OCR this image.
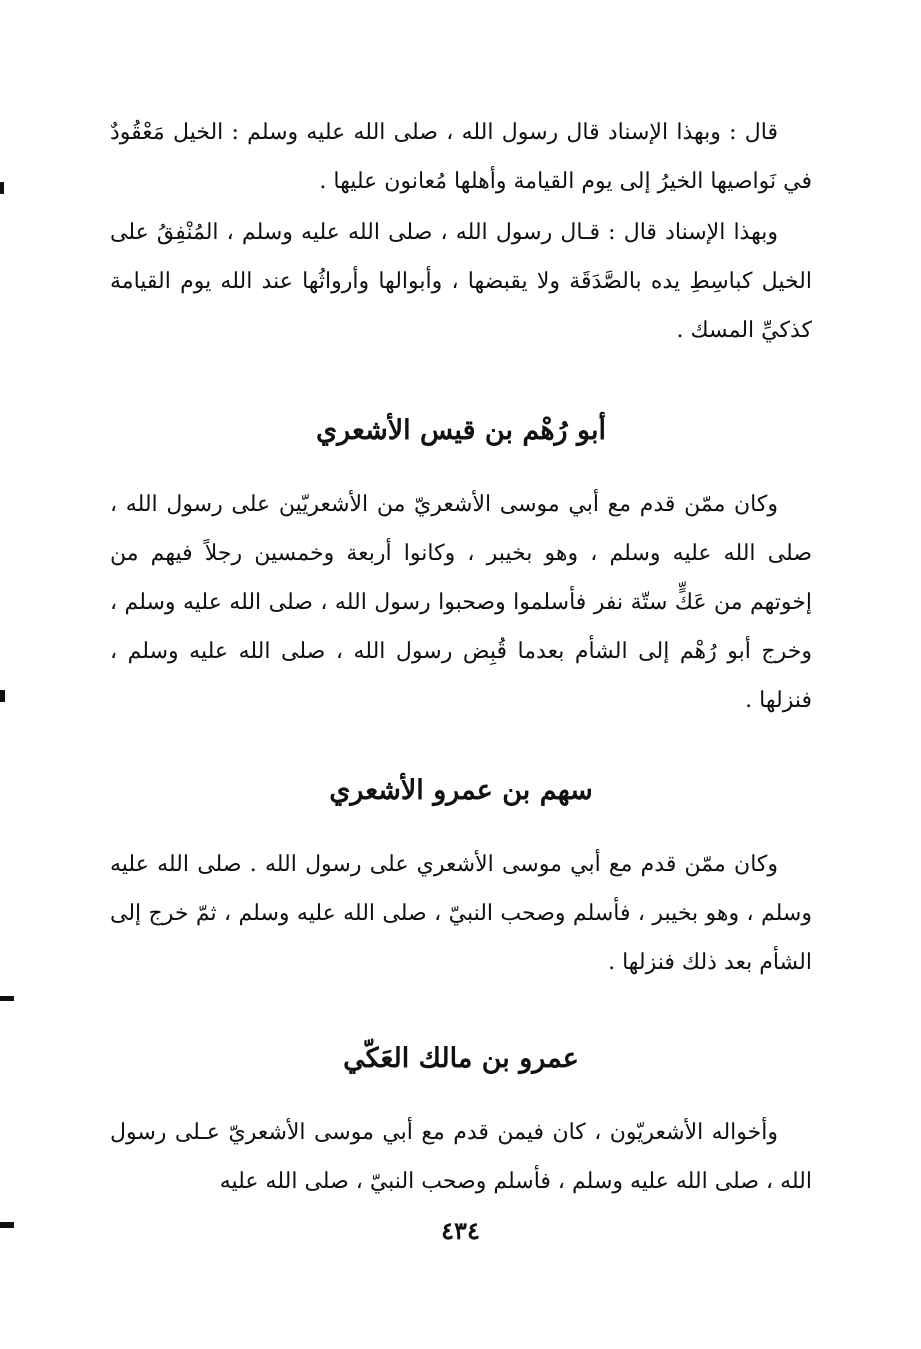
قال : وبهذا الإسناد قال رسول الله ، صلى الله عليه وسلم : الخيل مَعْقُودٌ في نَواصيها الخيرُ إلى يوم القيامة وأهلها مُعانون عليها .

وبهذا الإسناد قال : قـال رسول الله ، صلى الله عليه وسلم ، المُنْفِقُ على الخيل كباسِطِ يده بالصَّدَقَة ولا يقبضها ، وأبوالها وأرواثُها عند الله يوم القيامة كذكيِّ المسك .

أبو رُهْم بن قيس الأشعري

وكان ممّن قدم مع أبي موسى الأشعريّ من الأشعريّين على رسول الله ، صلى الله عليه وسلم ، وهو بخيبر ، وكانوا أربعة وخمسين رجلاً فيهم من إخوتهم من عَكٍّ ستّة نفر فأسلموا وصحبوا رسول الله ، صلى الله عليه وسلم ، وخرج أبو رُهْم إلى الشأم بعدما قُبِض رسول الله ، صلى الله عليه وسلم ، فنزلها .

سهم بن عمرو الأشعري

وكان ممّن قدم مع أبي موسى الأشعري على رسول الله . صلى الله عليه وسلم ، وهو بخيبر ، فأسلم وصحب النبيّ ، صلى الله عليه وسلم ، ثمّ خرج إلى الشأم بعد ذلك فنزلها .

عمرو بن مالك العَكّي

وأخواله الأشعريّون ، كان فيمن قدم مع أبي موسى الأشعريّ عـلى رسول الله ، صلى الله عليه وسلم ، فأسلم وصحب النبيّ ، صلى الله عليه

٤٣٤
